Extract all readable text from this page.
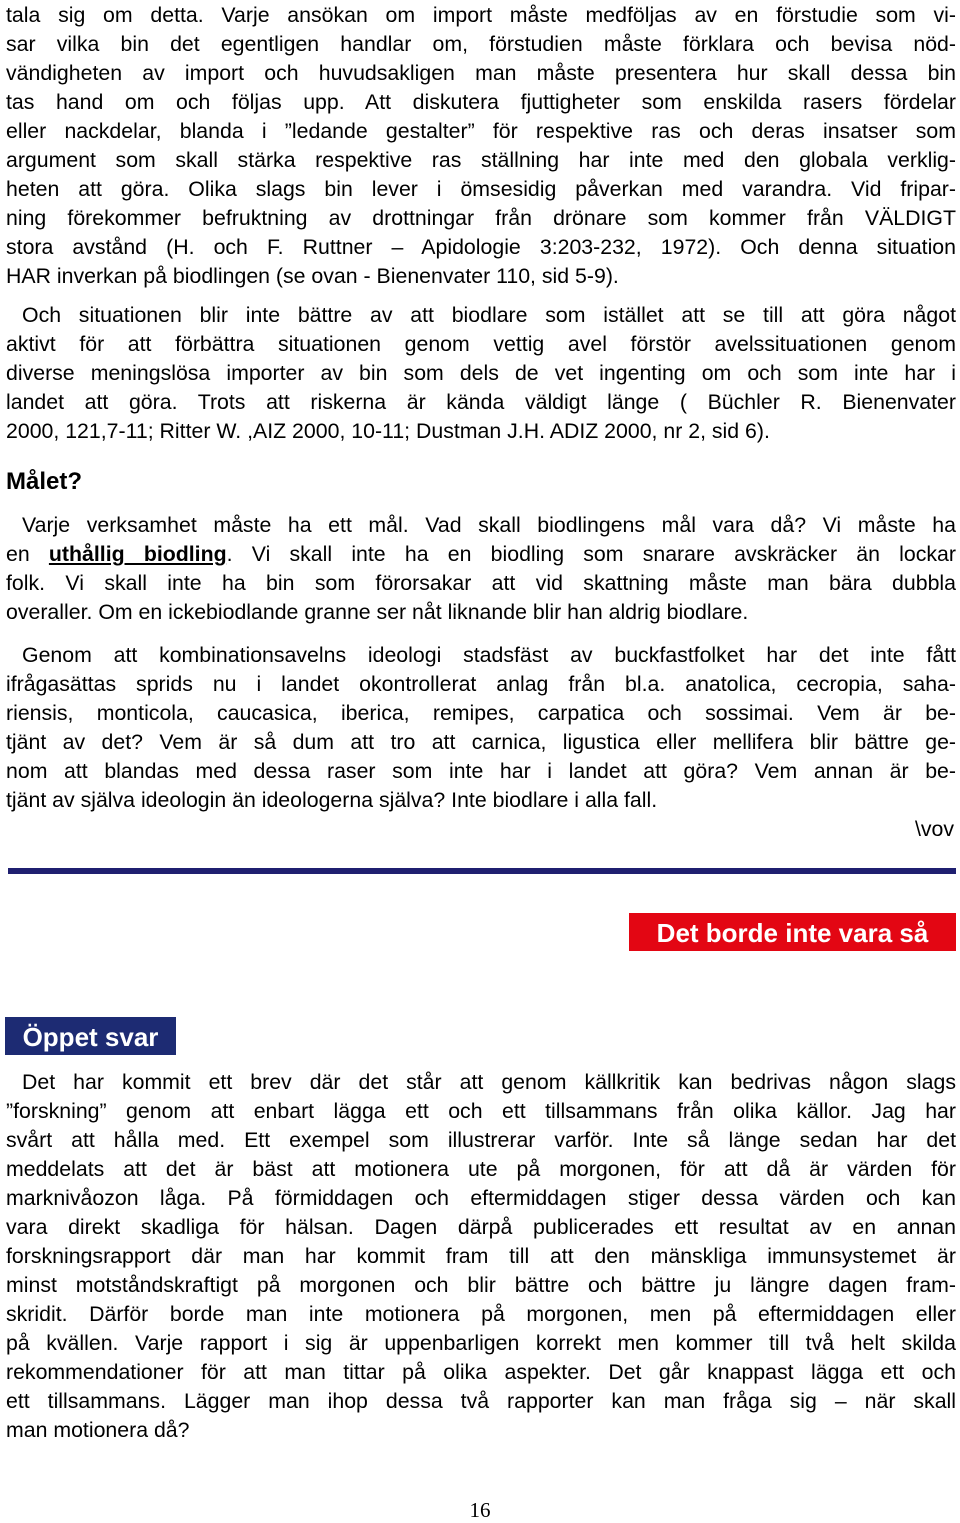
tala sig om detta. Varje ansökan om import måste medföljas av en förstudie som vi-
sar vilka bin det egentligen handlar om, förstudien måste förklara och bevisa nöd-
vändigheten av import och huvudsakligen man måste presentera hur skall dessa bin
tas hand om och följas upp. Att diskutera fjuttigheter som enskilda rasers fördelar
eller nackdelar, blanda i ”ledande gestalter” för respektive ras och deras insatser som
argument som skall stärka respektive ras ställning har inte med den globala verklig-
heten att göra. Olika slags bin lever i ömsesidig påverkan med varandra. Vid fripar-
ning förekommer befruktning av drottningar från drönare som kommer från VÄLDIGT
stora avstånd (H. och F. Ruttner – Apidologie 3:203-232, 1972). Och denna situation
HAR inverkan på biodlingen (se ovan - Bienenvater 110, sid 5-9).
Och situationen blir inte bättre av att biodlare som istället att se till att göra något
aktivt för att förbättra situationen genom vettig avel förstör avelssituationen genom
diverse meningslösa importer av bin som dels de vet ingenting om och som inte har i
landet att göra. Trots att riskerna är kända väldigt länge ( Büchler R. Bienenvater
2000, 121,7-11; Ritter W. ,AIZ 2000, 10-11; Dustman J.H. ADIZ 2000, nr 2, sid 6).
Målet?
Varje verksamhet måste ha ett mål. Vad skall biodlingens mål vara då? Vi måste ha
en uthållig biodling. Vi skall inte ha en biodling som snarare avskräcker än lockar
folk. Vi skall inte ha bin som förorsakar att vid skattning måste man bära dubbla
overaller. Om en ickebiodlande granne ser nåt liknande blir han aldrig biodlare.
Genom att kombinationsavelns ideologi stadsfäst av buckfastfolket har det inte fått
ifrågasättas sprids nu i landet okontrollerat anlag från bl.a. anatolica, cecropia, saha-
riensis, monticola, caucasica, iberica, remipes, carpatica och sossimai. Vem är be-
tjänt av det? Vem är så dum att tro att carnica, ligustica eller mellifera blir bättre ge-
nom att blandas med dessa raser som inte har i landet att göra? Vem annan är be-
tjänt av själva ideologin än ideologerna själva? Inte biodlare i alla fall.
\vov
Det borde inte vara så
Öppet svar
Det har kommit ett brev där det står att genom källkritik kan bedrivas någon slags
”forskning” genom att enbart lägga ett och ett tillsammans från olika källor. Jag har
svårt att hålla med. Ett exempel som illustrerar varför. Inte så länge sedan har det
meddelats att det är bäst att motionera ute på morgonen, för att då är värden för
marknivåozon låga. På förmiddagen och eftermiddagen stiger dessa värden och kan
vara direkt skadliga för hälsan. Dagen därpå publicerades ett resultat av en annan
forskningsrapport där man har kommit fram till att den mänskliga immunsystemet är
minst motståndskraftigt på morgonen och blir bättre och bättre ju längre dagen fram-
skridit. Därför borde man inte motionera på morgonen, men på eftermiddagen eller
på kvällen. Varje rapport i sig är uppenbarligen korrekt men kommer till två helt skilda
rekommendationer för att man tittar på olika aspekter. Det går knappast lägga ett och
ett tillsammans. Lägger man ihop dessa två rapporter kan man fråga sig – när skall
man motionera då?
16
